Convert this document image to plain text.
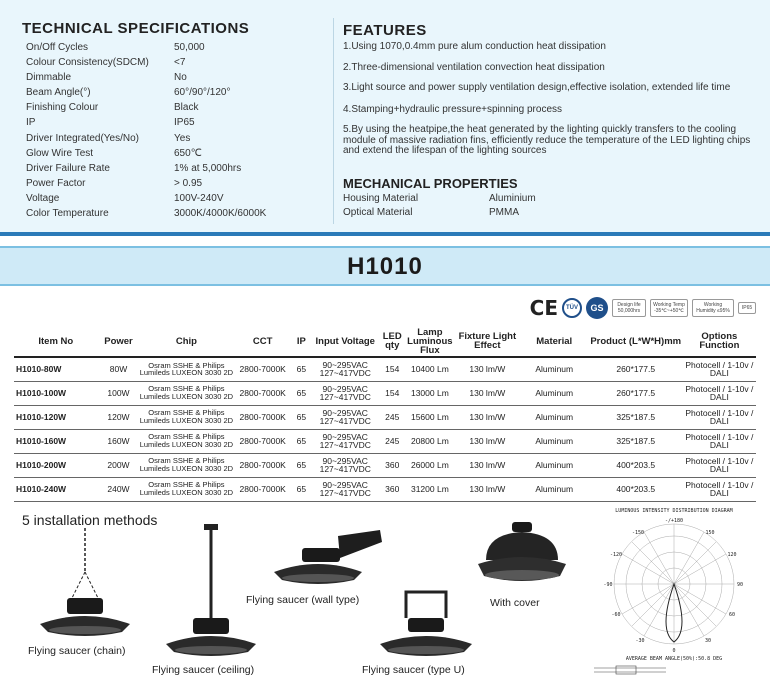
TECHNICAL SPECIFICATIONS
On/Off Cycles	50,000
Colour Consistency(SDCM)	<7
Dimmable	No
Beam Angle(°)	60°/90°/120°
Finishing Colour	Black
IP	IP65
Driver Integrated(Yes/No)	Yes
Glow Wire Test	650℃
Driver Failure Rate	1% at 5,000hrs
Power Factor	> 0.95
Voltage	100V-240V
Color Temperature	3000K/4000K/6000K
FEATURES

1.Using 1070,0.4mm pure alum conduction heat dissipation

2.Three-dimensional ventilation convection heat dissipation

3.Light source and power supply ventilation design,effective isolation, extended life time

4.Stamping+hydraulic pressure+spinning process

5.By using the heatpipe,the heat generated by the lighting quickly transfers to the cooling module of massive radiation fins, efficiently reduce the temperature of the LED lighting chips and extend the lifespan of the lighting sources

MECHANICAL PROPERTIES
Housing Material	Aluminium
Optical Material	PMMA
H1010
CE	TÜV	GS	Design life 50,000hrs
Working Temp -35℃~+50℃
Working Humidity ≤95%	IP65
Item No	Power	Chip	CCT	IP	Input Voltage	LED qty	Lamp Luminous Flux	Fixture Light Effect	Material	Product (L*W*H)mm	Options Function
H1010-80W	80W	Osram SSHE & Philips Lumileds LUXEON 3030 2D	2800-7000K	65	90~295VAC 127~417VDC	154	10400 Lm	130 lm/W	Aluminum	260*177.5	Photocell / 1-10v / DALI
H1010-100W	100W	Osram SSHE & Philips Lumileds LUXEON 3030 2D	2800-7000K	65	90~295VAC 127~417VDC	154	13000 Lm	130 lm/W	Aluminum	260*177.5	Photocell / 1-10v / DALI
H1010-120W	120W	Osram SSHE & Philips Lumileds LUXEON 3030 2D	2800-7000K	65	90~295VAC 127~417VDC	245	15600 Lm	130 lm/W	Aluminum	325*187.5	Photocell / 1-10v / DALI
H1010-160W	160W	Osram SSHE & Philips Lumileds LUXEON 3030 2D	2800-7000K	65	90~295VAC 127~417VDC	245	20800 Lm	130 lm/W	Aluminum	325*187.5	Photocell / 1-10v / DALI
H1010-200W	200W	Osram SSHE & Philips Lumileds LUXEON 3030 2D	2800-7000K	65	90~295VAC 127~417VDC	360	26000 Lm	130 lm/W	Aluminum	400*203.5	Photocell / 1-10v / DALI
H1010-240W	240W	Osram SSHE & Philips Lumileds LUXEON 3030 2D	2800-7000K	65	90~295VAC 127~417VDC	360	31200 Lm	130 lm/W	Aluminum	400*203.5	Photocell / 1-10v / DALI
5 installation methods
Flying saucer (chain)
Flying saucer (ceiling)
Flying saucer (wall type)
Flying saucer (type U)
With cover
LUMINOUS INTENSITY DISTRIBUTION DIAGRAM
-/+180
-150	150
-120	120
-90	90
-60	60
-30	30
0
AVERAGE BEAM ANGLE(50%):50.8 DEG
